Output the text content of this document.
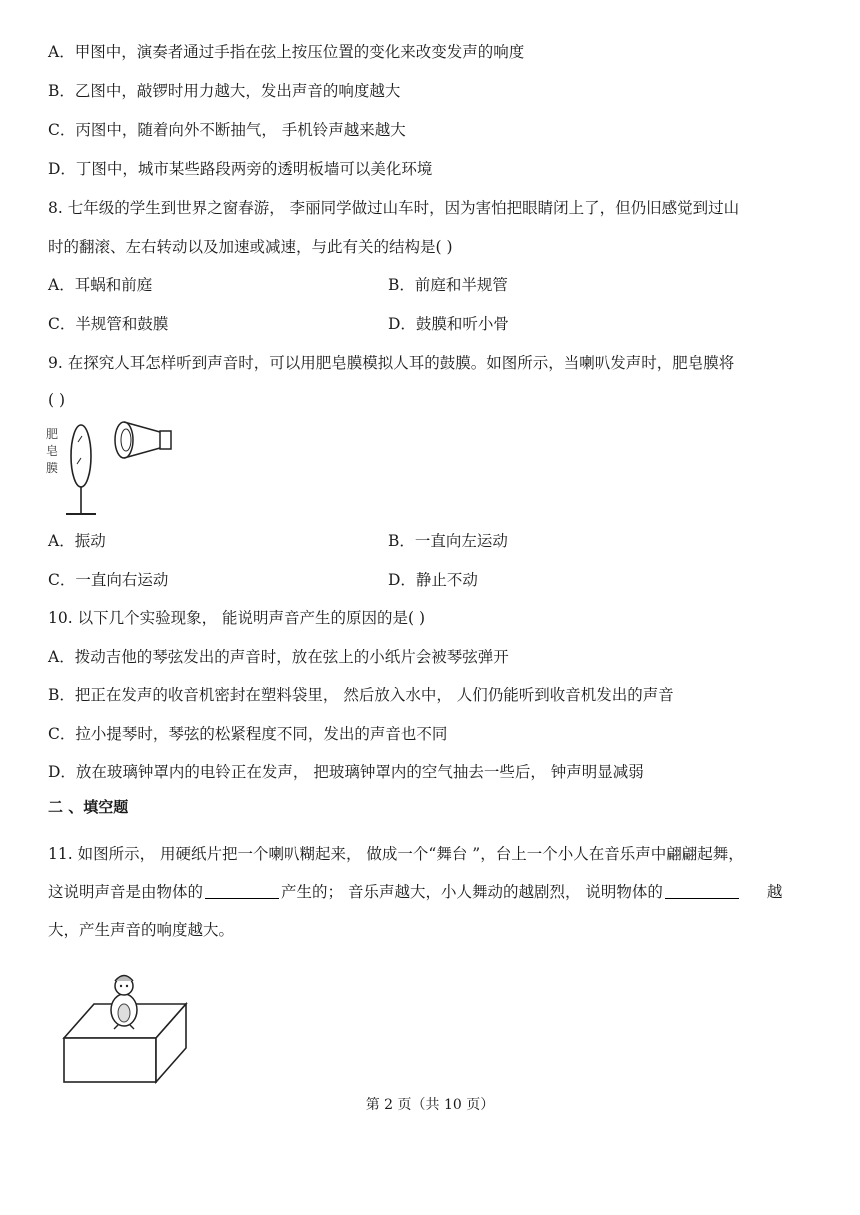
A．甲图中，演奏者通过手指在弦上按压位置的变化来改变发声的响度
B．乙图中，敲锣时用力越大，发出声音的响度越大
C．丙图中，随着向外不断抽气， 手机铃声越来越大
D．丁图中，城市某些路段两旁的透明板墙可以美化环境
8. 七年级的学生到世界之窗春游， 李丽同学做过山车时，因为害怕把眼睛闭上了，但仍旧感觉到过山
时的翻滚、左右转动以及加速或减速，与此有关的结构是( )
A．耳蜗和前庭	B．前庭和半规管
C．半规管和鼓膜	D．鼓膜和听小骨
9. 在探究人耳怎样听到声音时，可以用肥皂膜模拟人耳的鼓膜。如图所示，当喇叭发声时，肥皂膜将
( )
肥
皂
膜
A．振动	B．一直向左运动
C．一直向右运动	D．静止不动
10. 以下几个实验现象， 能说明声音产生的原因的是( )
A．拨动吉他的琴弦发出的声音时，放在弦上的小纸片会被琴弦弹开
B．把正在发声的收音机密封在塑料袋里， 然后放入水中， 人们仍能听到收音机发出的声音
C．拉小提琴时，琴弦的松紧程度不同，发出的声音也不同
D．放在玻璃钟罩内的电铃正在发声， 把玻璃钟罩内的空气抽去一些后， 钟声明显减弱
二 、填空题
11. 如图所示， 用硬纸片把一个喇叭糊起来， 做成一个“舞台 ”，台上一个小人在音乐声中翩翩起舞，
这说明声音是由物体的	产生的； 音乐声越大，小人舞动的越剧烈， 说明物体的	越
大，产生声音的响度越大。
第 2 页（共 10 页）
